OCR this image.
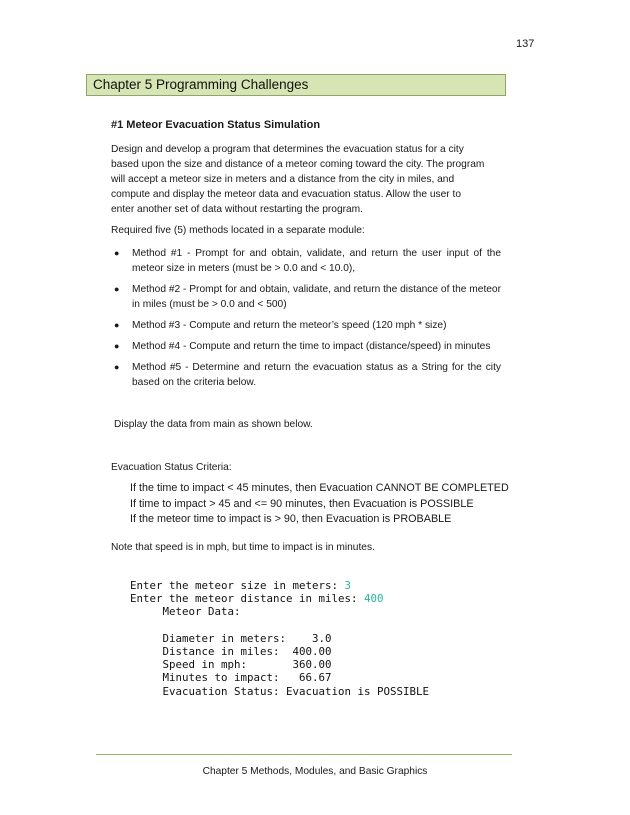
137
Chapter 5 Programming Challenges
#1 Meteor Evacuation Status Simulation
Design and develop a program that determines the evacuation status for a city
based upon the size and distance of a meteor coming toward the city. The program
will accept a meteor size in meters and a distance from the city in miles, and
compute and display the meteor data and evacuation status. Allow the user to
enter another set of data without restarting the program.
Required five (5) methods located in a separate module:
● Method #1 - Prompt for and obtain, validate, and return the user input of the meteor size in meters (must be > 0.0 and < 10.0),
● Method #2 - Prompt for and obtain, validate, and return the distance of the meteor in miles (must be > 0.0 and < 500)
● Method #3 - Compute and return the meteor’s speed (120 mph * size)
● Method #4 - Compute and return the time to impact (distance/speed) in minutes
● Method #5 - Determine and return the evacuation status as a String for the city based on the criteria below.
Display the data from main as shown below.
Evacuation Status Criteria:
If the time to impact < 45 minutes, then Evacuation CANNOT BE COMPLETED
If time to impact > 45 and <= 90 minutes, then Evacuation is POSSIBLE
If the meteor time to impact is > 90, then Evacuation is PROBABLE
Note that speed is in mph, but time to impact is in minutes.
Enter the meteor size in meters: 3
Enter the meteor distance in miles: 400
Meteor Data:
Diameter in meters:    3.0
Distance in miles:  400.00
Speed in mph:       360.00
Minutes to impact:   66.67
Evacuation Status: Evacuation is POSSIBLE
Chapter 5 Methods, Modules, and Basic Graphics
